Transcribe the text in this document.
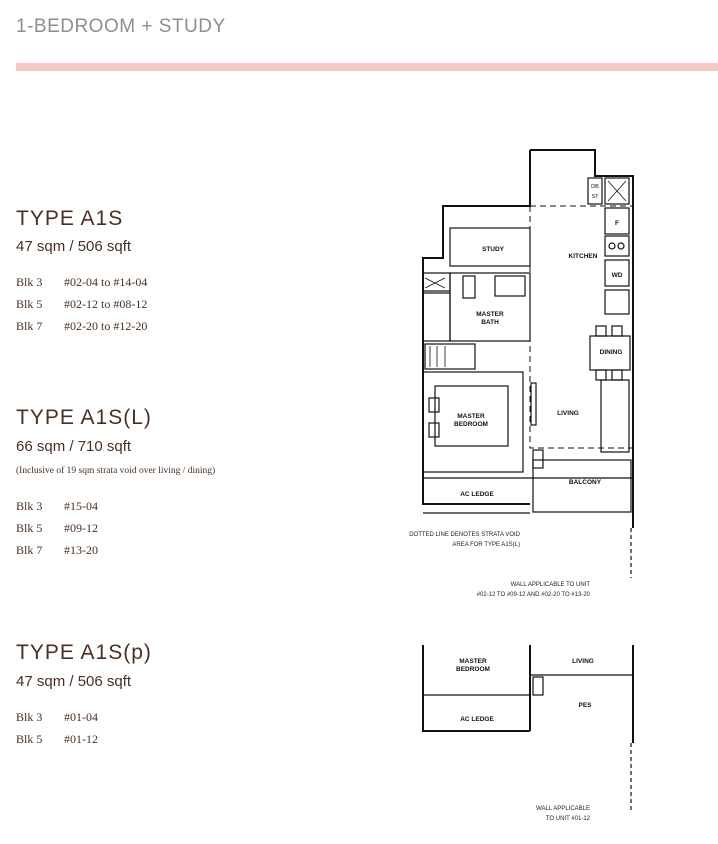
1-BEDROOM + STUDY
TYPE A1S
47 sqm / 506 sqft
Blk 3 #02-04 to #14-04
Blk 5 #02-12 to #08-12
Blk 7 #02-20 to #12-20
TYPE A1S(L)
66 sqm / 710 sqft
(Inclusive of 19 sqm strata void over living / dining)
Blk 3 #15-04
Blk 5 #09-12
Blk 7 #13-20
TYPE A1S(p)
47 sqm / 506 sqft
Blk 3 #01-04
Blk 5 #01-12
STUDY
KITCHEN
F
WD
DB
ST
MASTER
BATH
DINING
LIVING
MASTER
BEDROOM
BALCONY
AC LEDGE
DOTTED LINE DENOTES STRATA VOID
AREA FOR TYPE A1S(L)
WALL APPLICABLE TO UNIT
#02-12 TO #09-12 AND #02-20 TO #13-20
MASTER
BEDROOM
LIVING
PES
AC LEDGE
WALL APPLICABLE
TO UNIT #01-12
